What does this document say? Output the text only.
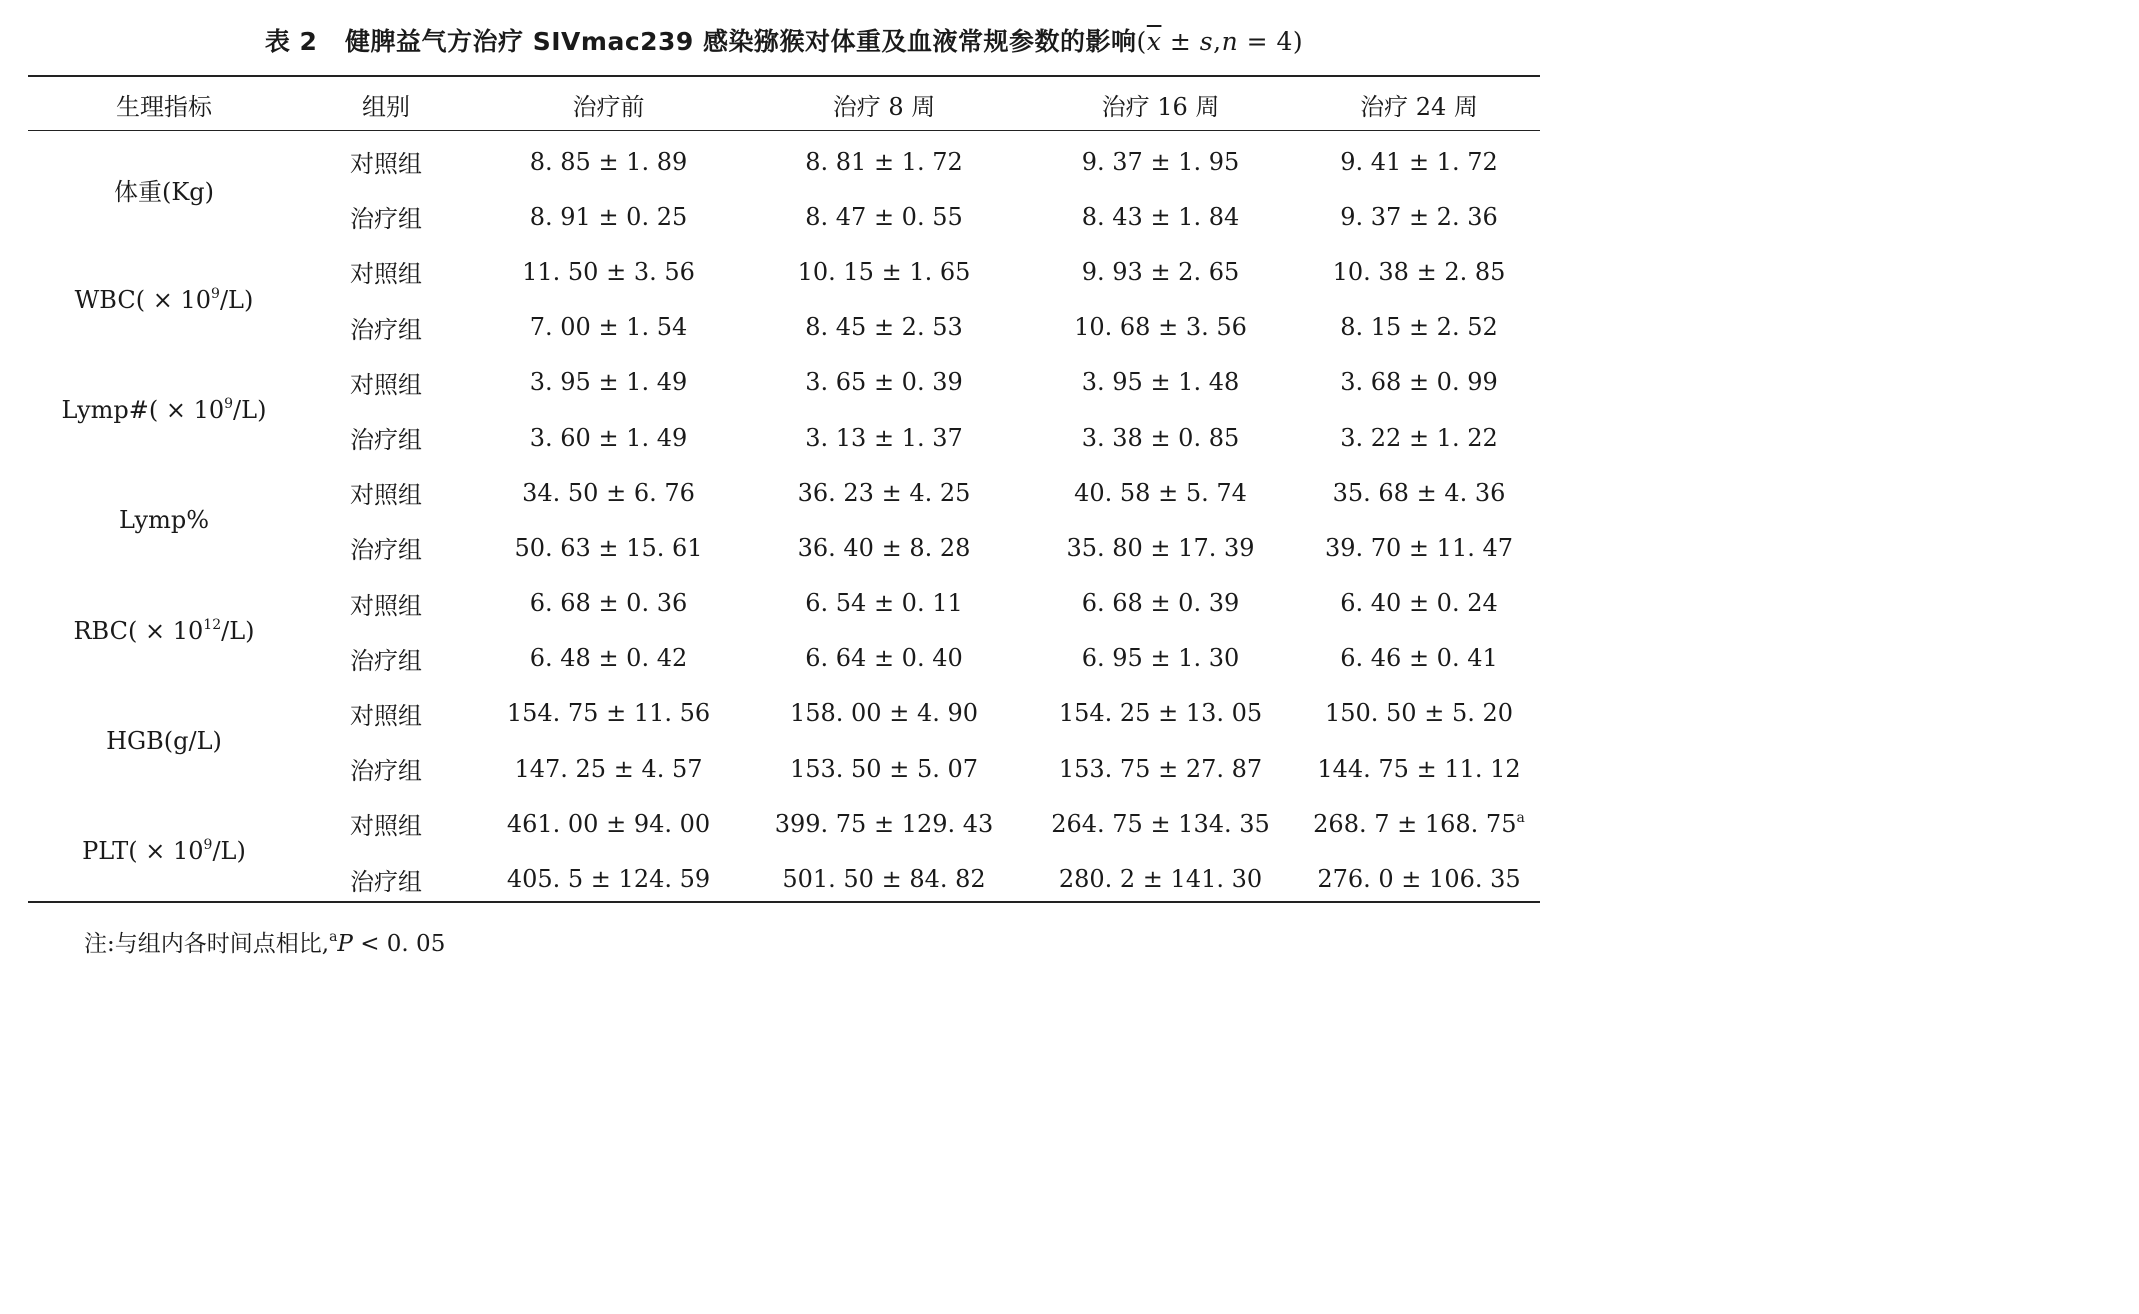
表 2 健脾益气方治疗 SIVmac239 感染猕猴对体重及血液常规参数的影响$(\overline{x} \pm s,n = 4)$
生理指标	组别	治疗前	治疗 8 周	治疗 16 周	治疗 24 周
体重(Kg)	对照组	8. 85 ± 1. 89	8. 81 ± 1. 72	9. 37 ± 1. 95	9. 41 ± 1. 72
	治疗组	8. 91 ± 0. 25	8. 47 ± 0. 55	8. 43 ± 1. 84	9. 37 ± 2. 36
$WBC( \times 10^9/L)$	对照组	11. 50 ± 3. 56	10. 15 ± 1. 65	9. 93 ± 2. 65	10. 38 ± 2. 85
	治疗组	7. 00 ± 1. 54	8. 45 ± 2. 53	10. 68 ± 3. 56	8. 15 ± 2. 52
Lymp#( × $10^9/L$)	对照组	3. 95 ± 1. 49	3. 65 ± 0. 39	3. 95 ± 1. 48	3. 68 ± 0. 99
	治疗组	3. 60 ± 1. 49	3. 13 ± 1. 37	3. 38 ± 0. 85	3. 22 ± 1. 22
Lymp%	对照组	34. 50 ± 6. 76	36. 23 ± 4. 25	40. 58 ± 5. 74	35. 68 ± 4. 36
	治疗组	50. 63 ± 15. 61	36. 40 ± 8. 28	35. 80 ± 17. 39	39. 70 ± 11. 47
$RBC( \times 10^{12}/L)$	对照组	6. 68 ± 0. 36	6. 54 ± 0. 11	6. 68 ± 0. 39	6. 40 ± 0. 24
	治疗组	6. 48 ± 0. 42	6. 64 ± 0. 40	6. 95 ± 1. 30	6. 46 ± 0. 41
HGB(g/L)	对照组	154. 75 ± 11. 56	158. 00 ± 4. 90	154. 25 ± 13. 05	150. 50 ± 5. 20
	治疗组	147. 25 ± 4. 57	153. 50 ± 5. 07	153. 75 ± 27. 87	144. 75 ± 11. 12
$PLT( \times 10^9/L)$	对照组	461. 00 ± 94. 00	399. 75 ± 129. 43	264. 75 ± 134. 35	268. 7 ± 168. 75$^a$
	治疗组	405. 5 ± 124. 59	501. 50 ± 84. 82	280. 2 ± 141. 30	276. 0 ± 106. 35
注:与组内各时间点相比,$^a$P < 0. 05
